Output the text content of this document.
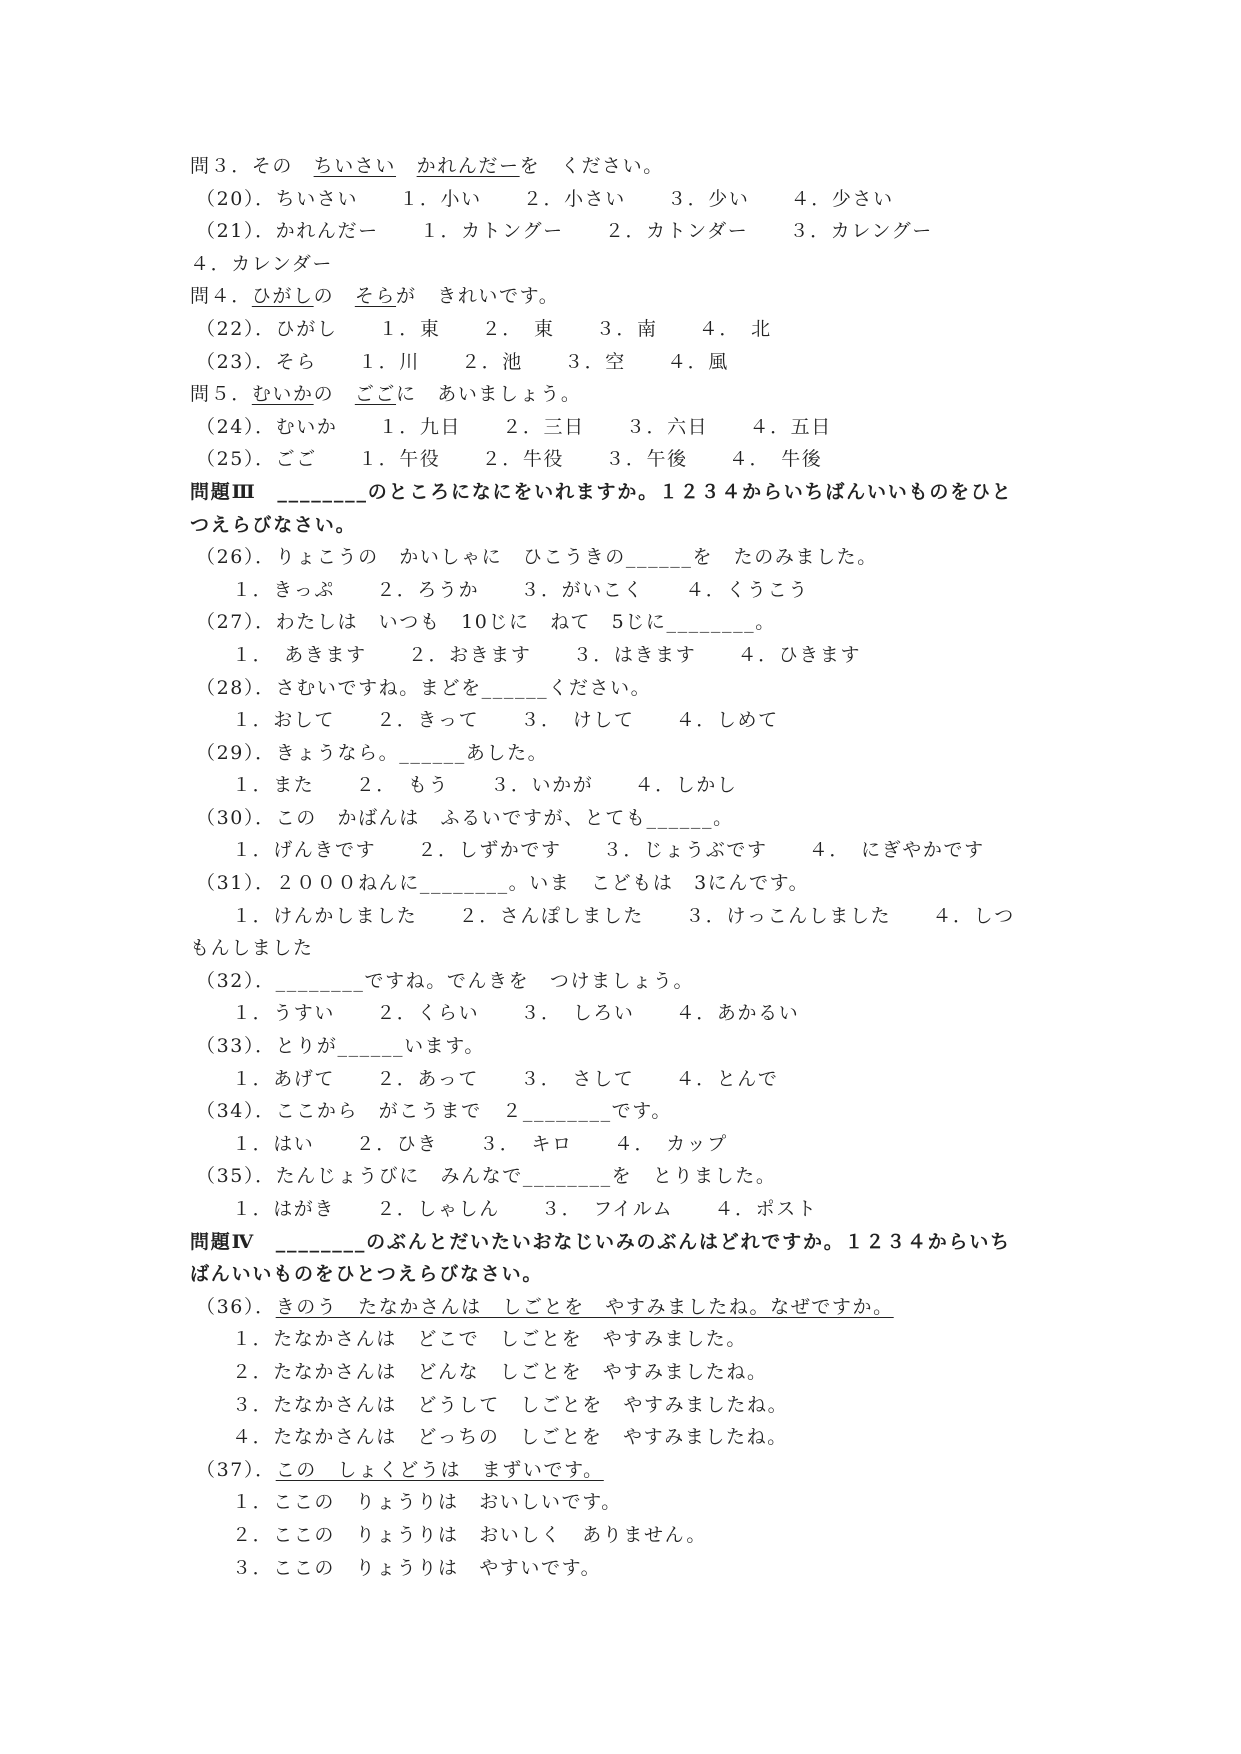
問３．その　ちいさい　 かれんだーを　ください。
（20）．ちいさい　　１．小い　　２．小さい　　３．少い　　４．少さい
（21）．かれんだー　　１．カトングー　　２．カトンダー　　３．カレングー
４．カレンダー
問４．ひがしの　そらが　きれいです。
（22）．ひがし　　１．東　　２．　東　　３．南　　４．　北
（23）．そら　　１．川　　２．池　　３．空　　４．風
問５．むいかの　ごごに　あいましょう。
（24）．むいか　　１．九日　　２．三日　　３．六日　　４．五日
（25）．ごご　　１．午役　　２．牛役　　３．午後　　４．　牛後
問題Ⅲ　________のところになにをいれますか。１２３４からいちばんいいものをひと
つえらびなさい。
（26）．りょこうの　かいしゃに　ひこうきの______を　たのみました。
１．きっぷ　　２．ろうか　　３．がいこく　　４．くうこう
（27）．わたしは　いつも　10じに　ねて　5じに________。
１．　あきます　　２．おきます　　３．はきます　　４．ひきます
（28）．さむいですね。まどを______ください。
１．おして　　２．きって　　３．　けして　　４．しめて
（29）．きょうなら。______あした。
１．また　　２．　もう　　３．いかが　　４．しかし
（30）．この　かばんは　ふるいですが、とても______。
１．げんきです　　２．しずかです　　３．じょうぶです　　４．　にぎやかです
（31）．２０００ねんに________。いま　こどもは　3にんです。
１．けんかしました　　２．さんぽしました　　３．けっこんしました　　４．しつ
もんしました
（32）．________ですね。でんきを　つけましょう。
１．うすい　　２．くらい　　３．　しろい　　４．あかるい
（33）．とりが______います。
１．あげて　　２．あって　　３．　さして　　４．とんで
（34）．ここから　がこうまで　２________です。
１．はい　　２．ひき　　３．　キロ　　４．　カップ
（35）．たんじょうびに　みんなで________を　とりました。
１．はがき　　２．しゃしん　　３．　フイルム　　４．ポスト
問題Ⅳ　________のぶんとだいたいおなじいみのぶんはどれですか。１２３４からいち
ばんいいものをひとつえらびなさい。
（36）．きのう　たなかさんは　しごとを　やすみましたね。なぜですか。
１．たなかさんは　どこで　しごとを　やすみました。
２．たなかさんは　どんな　しごとを　やすみましたね。
３．たなかさんは　どうして　しごとを　やすみましたね。
４．たなかさんは　どっちの　しごとを　やすみましたね。
（37）．この　しょくどうは　まずいです。
１．ここの　りょうりは　おいしいです。
２．ここの　りょうりは　おいしく　ありません。
３．ここの　りょうりは　やすいです。
